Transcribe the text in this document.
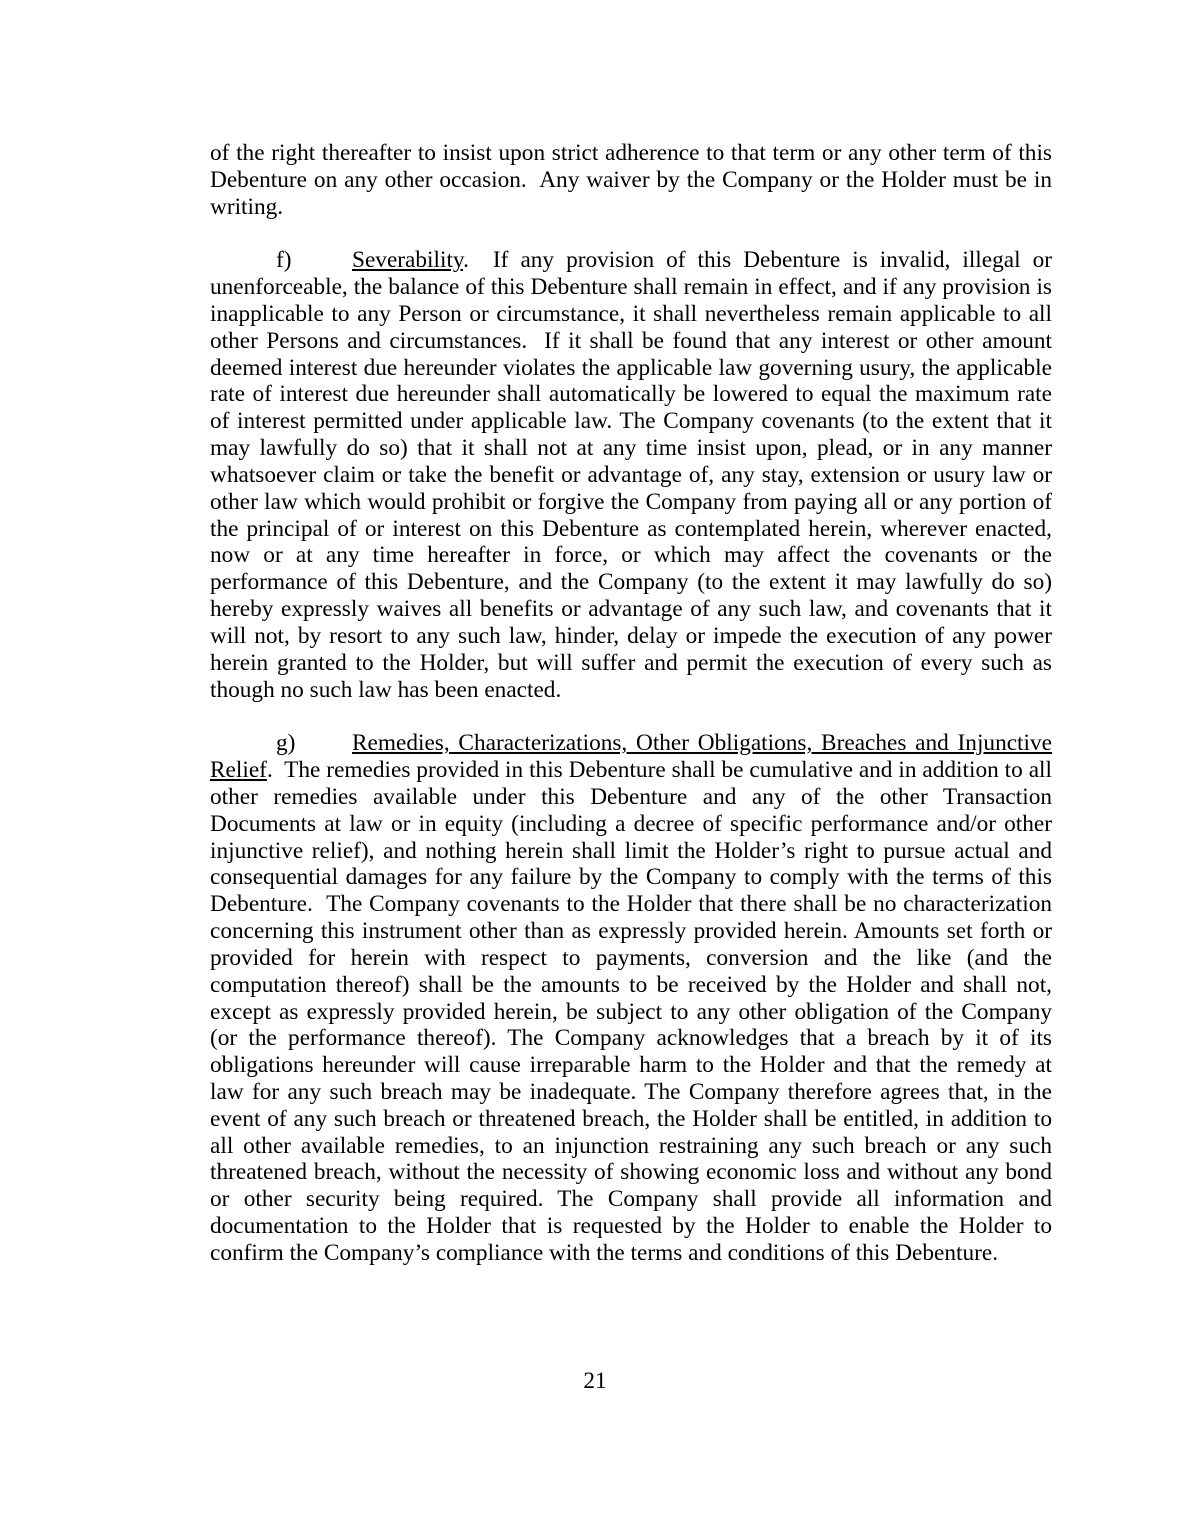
of the right thereafter to insist upon strict adherence to that term or any other term of this Debenture on any other occasion.  Any waiver by the Company or the Holder must be in writing.

f)	Severability.  If any provision of this Debenture is invalid, illegal or unenforceable, the balance of this Debenture shall remain in effect, and if any provision is inapplicable to any Person or circumstance, it shall nevertheless remain applicable to all other Persons and circumstances.  If it shall be found that any interest or other amount deemed interest due hereunder violates the applicable law governing usury, the applicable rate of interest due hereunder shall automatically be lowered to equal the maximum rate of interest permitted under applicable law. The Company covenants (to the extent that it may lawfully do so) that it shall not at any time insist upon, plead, or in any manner whatsoever claim or take the benefit or advantage of, any stay, extension or usury law or other law which would prohibit or forgive the Company from paying all or any portion of the principal of or interest on this Debenture as contemplated herein, wherever enacted, now or at any time hereafter in force, or which may affect the covenants or the performance of this Debenture, and the Company (to the extent it may lawfully do so) hereby expressly waives all benefits or advantage of any such law, and covenants that it will not, by resort to any such law, hinder, delay or impede the execution of any power herein granted to the Holder, but will suffer and permit the execution of every such as though no such law has been enacted.

g) Remedies, Characterizations, Other Obligations, Breaches and Injunctive Relief.  The remedies provided in this Debenture shall be cumulative and in addition to all other remedies available under this Debenture and any of the other Transaction Documents at law or in equity (including a decree of specific performance and/or other injunctive relief), and nothing herein shall limit the Holder’s right to pursue actual and consequential damages for any failure by the Company to comply with the terms of this Debenture.  The Company covenants to the Holder that there shall be no characterization concerning this instrument other than as expressly provided herein. Amounts set forth or provided for herein with respect to payments, conversion and the like (and the computation thereof) shall be the amounts to be received by the Holder and shall not, except as expressly provided herein, be subject to any other obligation of the Company (or the performance thereof). The Company acknowledges that a breach by it of its obligations hereunder will cause irreparable harm to the Holder and that the remedy at law for any such breach may be inadequate. The Company therefore agrees that, in the event of any such breach or threatened breach, the Holder shall be entitled, in addition to all other available remedies, to an injunction restraining any such breach or any such threatened breach, without the necessity of showing economic loss and without any bond or other security being required. The Company shall provide all information and documentation to the Holder that is requested by the Holder to enable the Holder to confirm the Company’s compliance with the terms and conditions of this Debenture.

21
